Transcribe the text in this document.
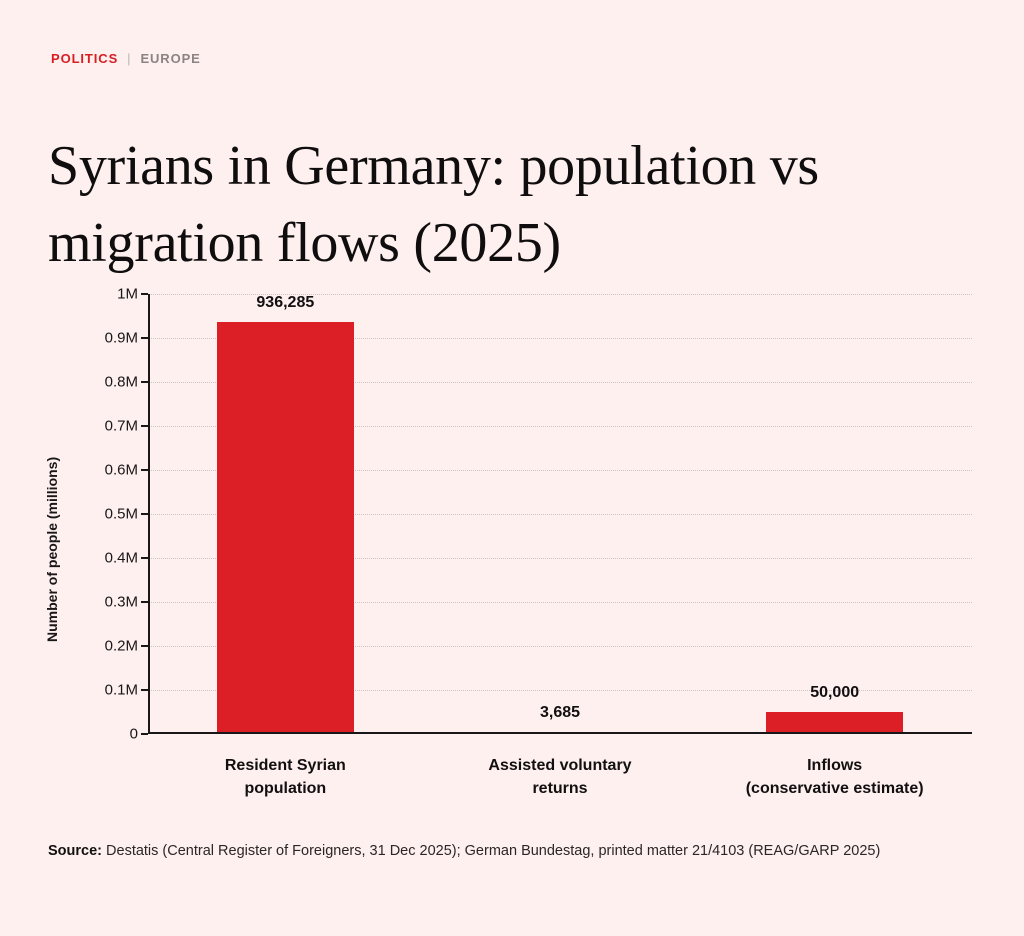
POLITICS | EUROPE
Syrians in Germany: population vs migration flows (2025)
Number of people (millions)
0
0.1M
0.2M
0.3M
0.4M
0.5M
0.6M
0.7M
0.8M
0.9M
1M
936,285
Resident Syrian
population
3,685
Assisted voluntary
returns
50,000
Inflows
(conservative estimate)
Source: Destatis (Central Register of Foreigners, 31 Dec 2025); German Bundestag, printed matter 21/4103 (REAG/GARP 2025)
